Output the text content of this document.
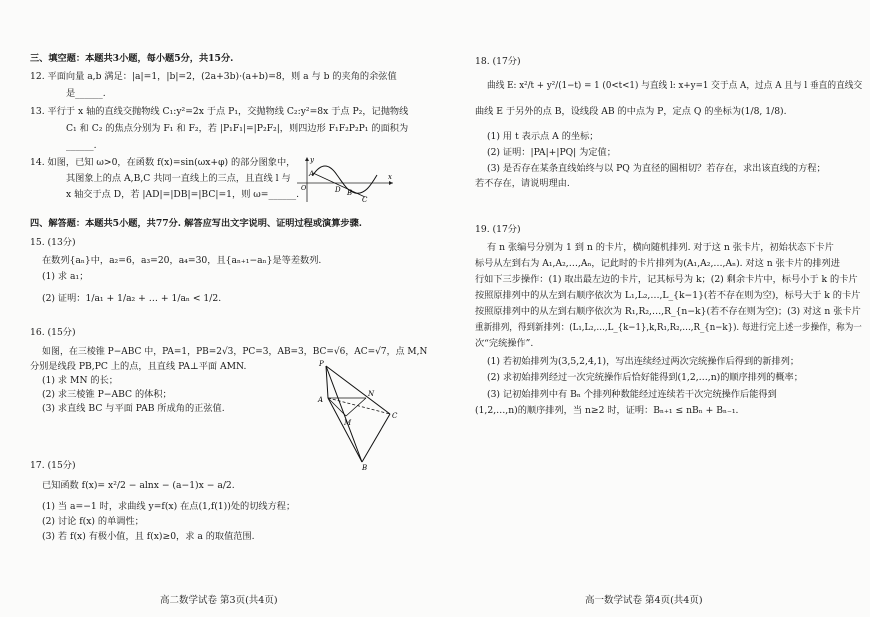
三、填空题：本题共3小题，每小题5分，共15分.
12. 平面向量 a,b 满足：|a|=1，|b|=2，(2a+3b)·(a+b)=8，则 a 与 b 的夹角的余弦值
是______.
13. 平行于 x 轴的直线交抛物线 C₁:y²=2x 于点 P₁，交抛物线 C₂:y²=8x 于点 P₂，记抛物线
C₁ 和 C₂ 的焦点分别为 F₁ 和 F₂，若 |P₁F₁|=|P₂F₂|，则四边形 F₁F₂P₂P₁ 的面积为
______.
14. 如图，已知 ω>0，在函数 f(x)=sin(ωx+φ) 的部分图象中，
其图象上的点 A,B,C 共同一直线上的三点，且直线 l 与
x 轴交于点 D，若 |AD|=|DB|=|BC|=1，则 ω=______.
A
D B
C
O
x
y
四、解答题：本题共5小题，共77分. 解答应写出文字说明、证明过程或演算步骤.
15. (13分)
在数列{aₙ}中，a₂=6，a₃=20，a₄=30，且{aₙ₊₁−aₙ}是等差数列.
(1) 求 a₁；
(2) 证明：1/a₁ + 1/a₂ + … + 1/aₙ < 1/2.
16. (15分)
如图，在三棱锥 P−ABC 中，PA=1，PB=2√3，PC=3，AB=3，BC=√6，AC=√7，点 M,N
分别是线段 PB,PC 上的点，且直线 PA⊥平面 AMN.
(1) 求 MN 的长；
(2) 求三棱锥 P−ABC 的体积；
(3) 求直线 BC 与平面 PAB 所成角的正弦值.
P
A
B
C
M
N
17. (15分)
已知函数 f(x)= x²/2 − alnx − (a−1)x − a/2.
(1) 当 a=−1 时，求曲线 y=f(x) 在点(1,f(1))处的切线方程；
(2) 讨论 f(x) 的单调性；
(3) 若 f(x) 有极小值，且 f(x)≥0，求 a 的取值范围.
高二数学试卷 第3页(共4页)
18. (17分)
曲线 E: x²/t + y²/(1−t) = 1 (0<t<1) 与直线 l: x+y=1 交于点 A，过点 A 且与 l 垂直的直线交
曲线 E 于另外的点 B，设线段 AB 的中点为 P，定点 Q 的坐标为(1/8, 1/8).
(1) 用 t 表示点 A 的坐标；
(2) 证明：|PA|+|PQ| 为定值；
(3) 是否存在某条直线始终与以 PQ 为直径的圆相切？若存在，求出该直线的方程；
若不存在，请说明理由.
19. (17分)
有 n 张编号分别为 1 到 n 的卡片，横向随机排列. 对于这 n 张卡片，初始状态下卡片
标号从左到右为 A₁,A₂,…,Aₙ，记此时的卡片排列为(A₁,A₂,…,Aₙ). 对这 n 张卡片的排列进
行如下三步操作：(1) 取出最左边的卡片，记其标号为 k；(2) 剩余卡片中，标号小于 k 的卡片
按照原排列中的从左到右顺序依次为 L₁,L₂,…,L_{k−1}(若不存在则为空)，标号大于 k 的卡片
按照原排列中的从左到右顺序依次为 R₁,R₂,…,R_{n−k}(若不存在则为空)；(3) 对这 n 张卡片
重新排列，得到新排列：(L₁,L₂,…,L_{k−1},k,R₁,R₂,…,R_{n−k}). 每进行完上述一步操作，称为一
次“完统操作”.
(1) 若初始排列为(3,5,2,4,1)，写出连续经过两次完统操作后得到的新排列；
(2) 求初始排列经过一次完统操作后恰好能得到(1,2,…,n)的顺序排列的概率；
(3) 记初始排列中有 Bₙ 个排列种数能经过连续若干次完统操作后能得到
(1,2,…,n)的顺序排列，当 n≥2 时，证明：Bₙ₊₁ ≤ nBₙ + Bₙ₋₁.
高一数学试卷 第4页(共4页)
